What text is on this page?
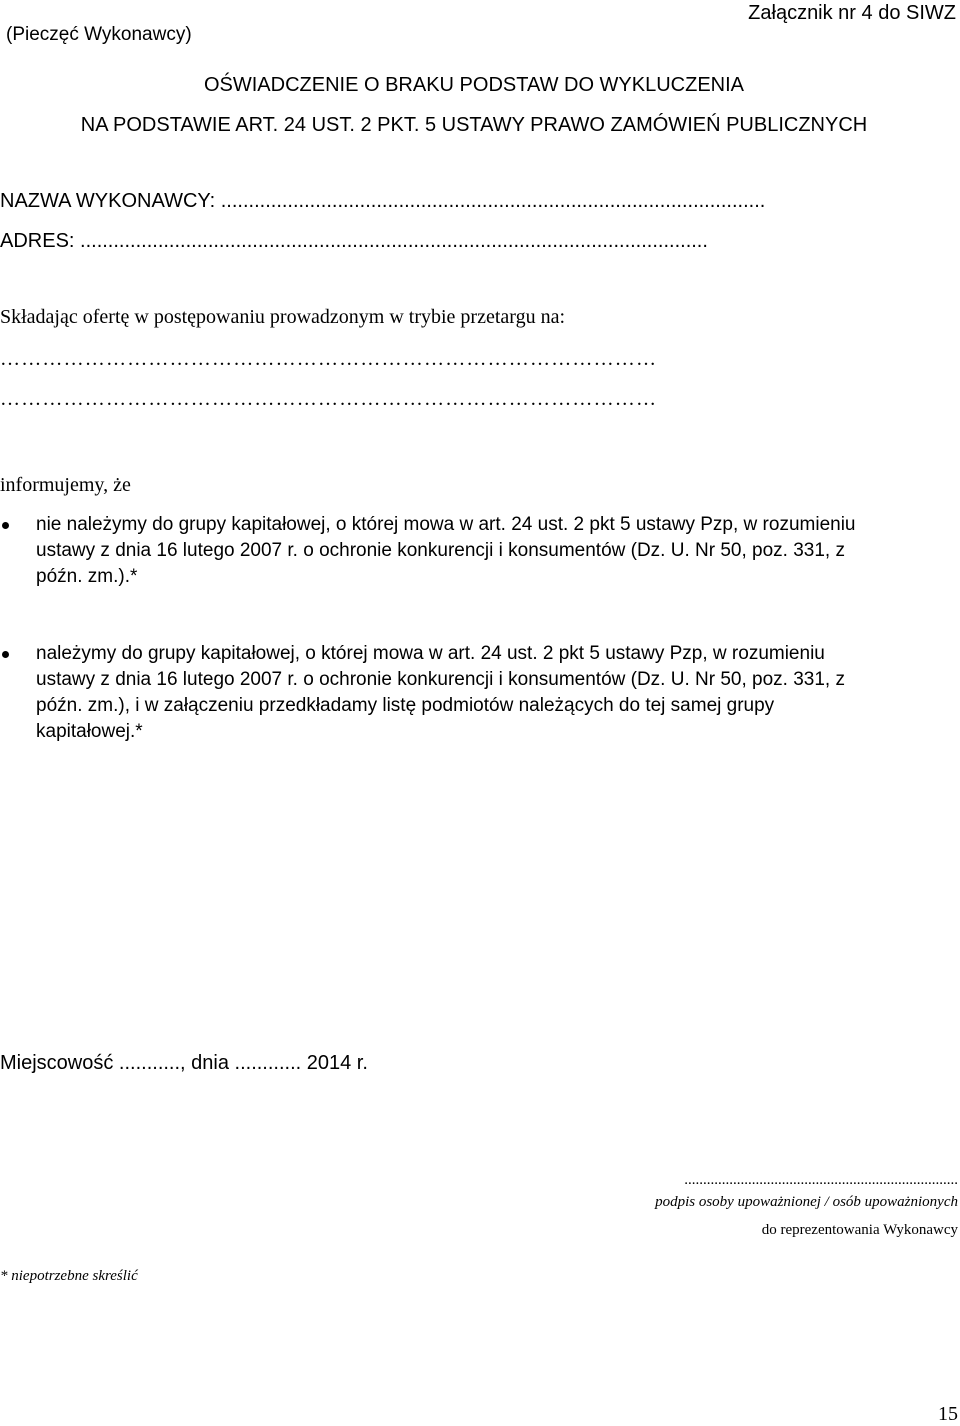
(Pieczęć Wykonawcy)
Załącznik nr 4 do SIWZ
OŚWIADCZENIE O BRAKU PODSTAW DO WYKLUCZENIA
NA PODSTAWIE ART. 24 UST. 2 PKT. 5 USTAWY PRAWO ZAMÓWIEŃ PUBLICZNYCH
NAZWA WYKONAWCY: ..................................................................................................
ADRES: .................................................................................................................
Składając ofertę w postępowaniu prowadzonym w trybie przetargu na:
…………………………………………………………………………………
…………………………………………………………………………………
informujemy, że
nie należymy do grupy kapitałowej, o której mowa w art. 24 ust. 2 pkt 5 ustawy Pzp, w rozumieniu
ustawy z dnia 16 lutego 2007 r. o ochronie konkurencji i konsumentów (Dz. U. Nr 50, poz. 331, z
późn. zm.).*
należymy do grupy kapitałowej, o której mowa w art. 24 ust. 2 pkt 5 ustawy Pzp, w rozumieniu
ustawy z dnia 16 lutego 2007 r. o ochronie konkurencji i konsumentów (Dz. U. Nr 50, poz. 331, z
późn. zm.), i w załączeniu przedkładamy listę podmiotów należących do tej samej grupy
kapitałowej.*
Miejscowość ..........., dnia ............ 2014 r.
.........................................................................
podpis osoby upoważnionej / osób upoważnionych
do reprezentowania Wykonawcy
* niepotrzebne skreślić
15
